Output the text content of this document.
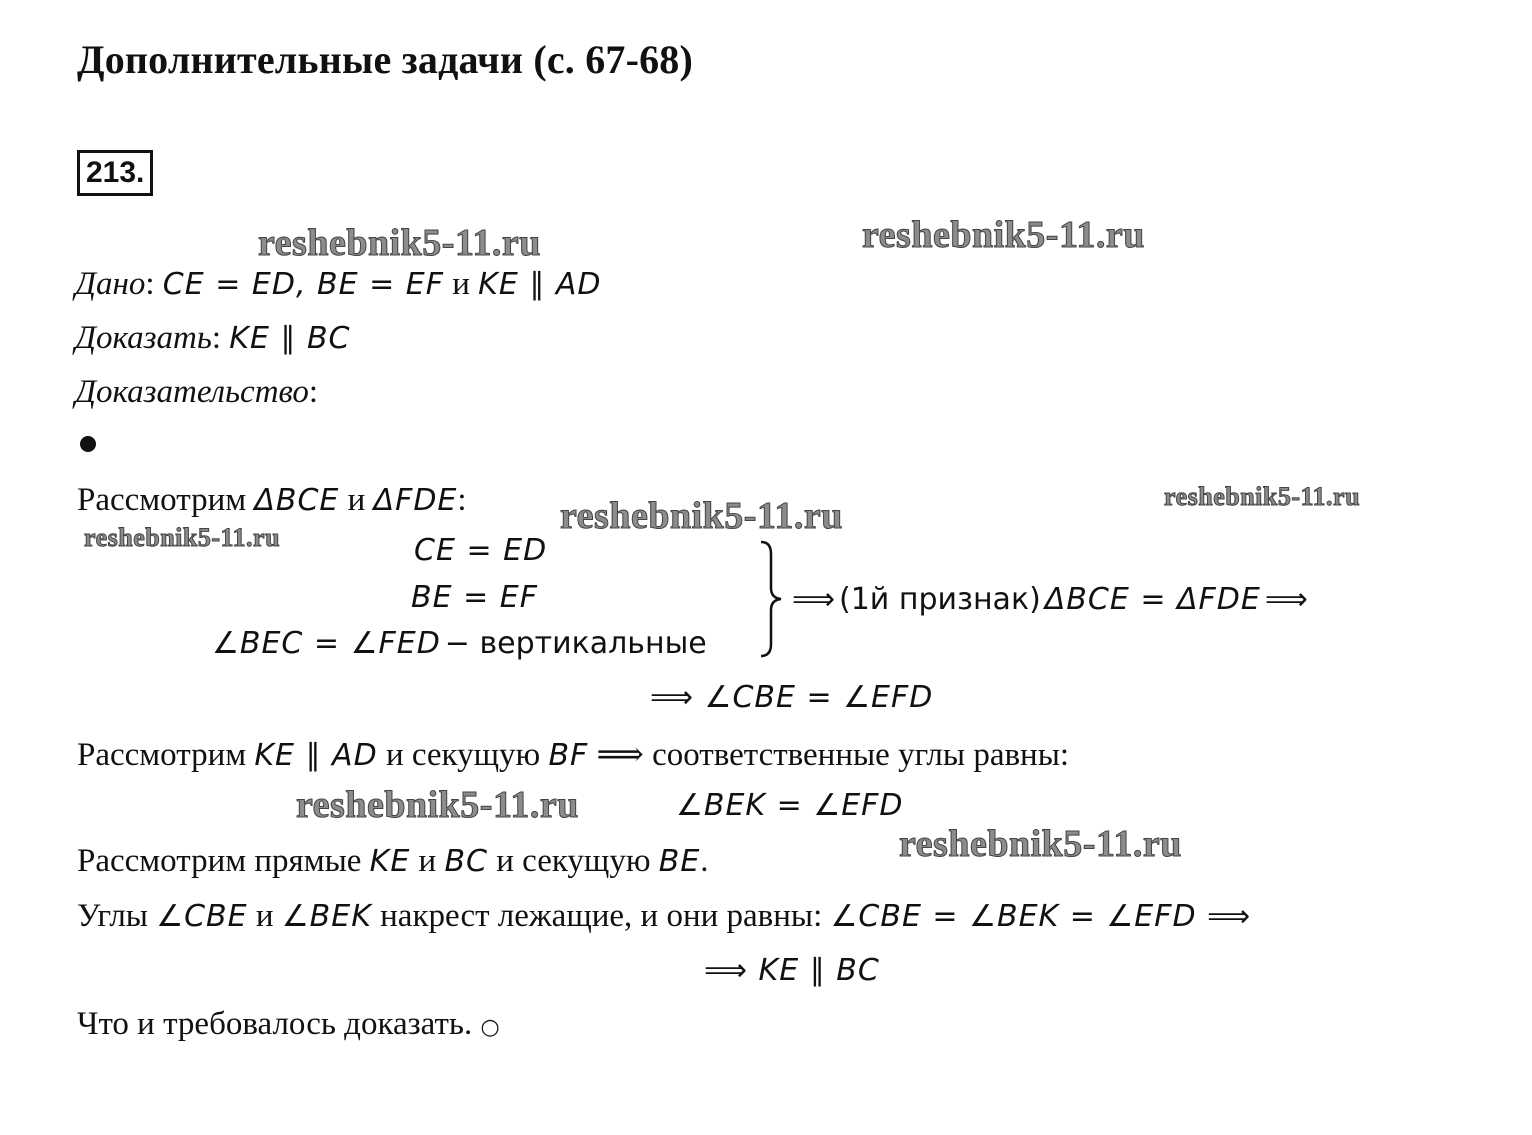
Дополнительные задачи (с. 67-68)
213.
reshebnik5-11.ru	reshebnik5-11.ru
reshebnik5-11.ru	reshebnik5-11.ru
reshebnik5-11.ru
reshebnik5-11.ru
reshebnik5-11.ru
Дано: CE = ED, BE = EF и KE ∥ AD
Доказать: KE ∥ BC
Доказательство:
Рассмотрим ΔBCE и ΔFDE:
CE = ED
BE = EF
∠BEC = ∠FED − вертикальные
⟹ (1й признак) ΔBCE = ΔFDE ⟹
⟹ ∠CBE = ∠EFD
Рассмотрим KE ∥ AD и секущую BF ⟹ соответственные углы равны:
∠BEK = ∠EFD
Рассмотрим прямые KE и BC и секущую BE.
Углы ∠CBE и ∠BEK накрест лежащие, и они равны: ∠CBE = ∠BEK = ∠EFD ⟹
⟹ KE ∥ BC
Что и требовалось доказать. ○
